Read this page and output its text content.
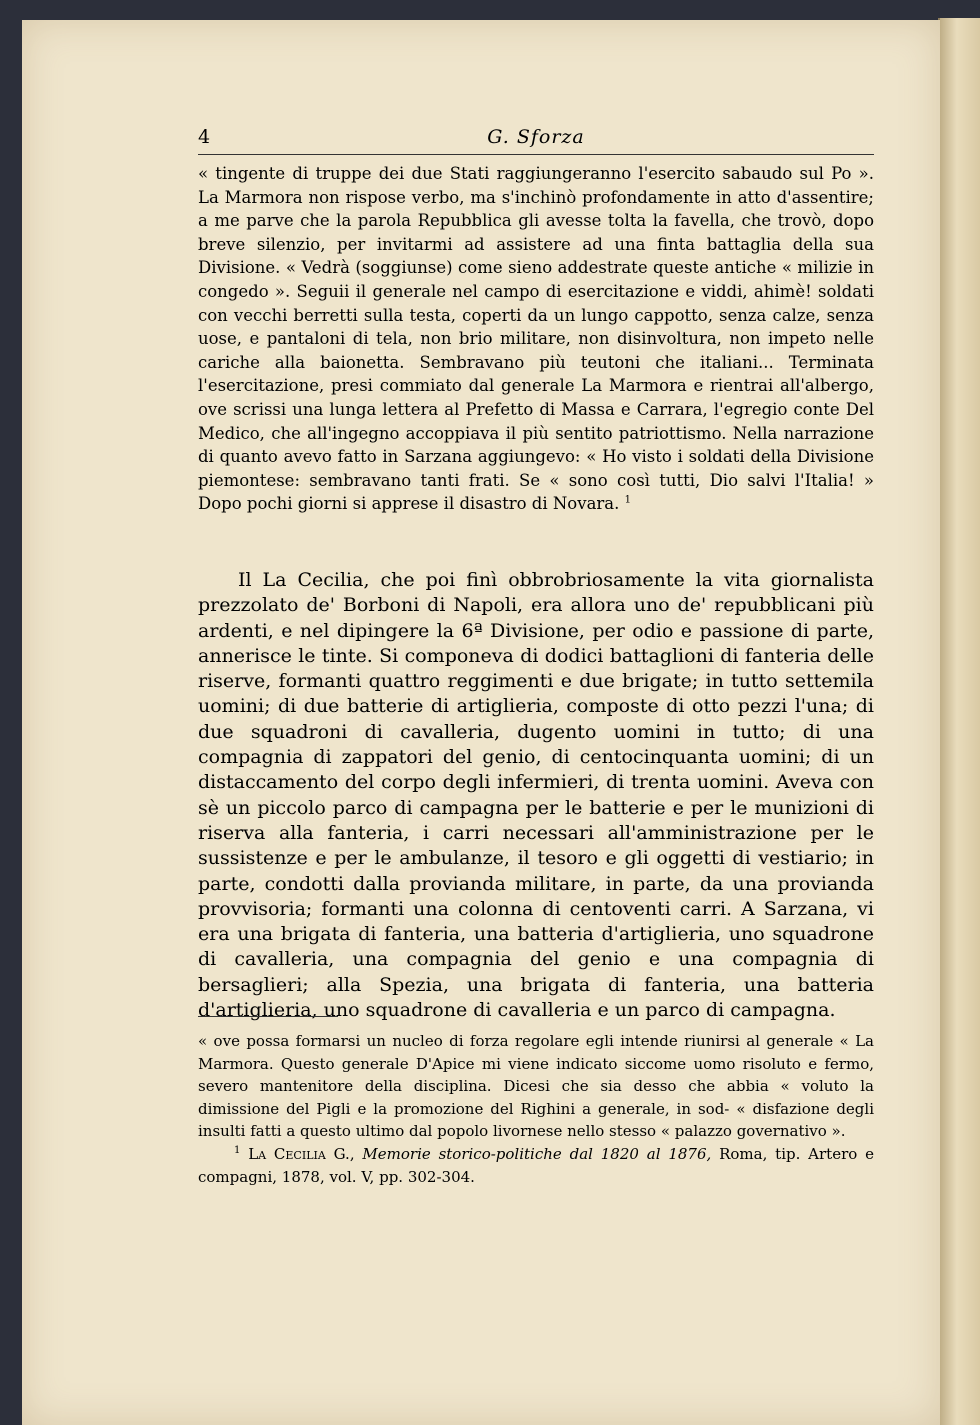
4	G. Sforza

« tingente di truppe dei due Stati raggiungeranno l'esercito sabaudo sul Po ». La Marmora non rispose verbo, ma s'inchinò profondamente in atto d'assentire; a me parve che la parola Repubblica gli avesse tolta la favella, che trovò, dopo breve silenzio, per invitarmi ad assistere ad una finta battaglia della sua Divisione. « Vedrà (soggiunse) come sieno addestrate queste antiche « milizie in congedo ». Seguii il generale nel campo di esercitazione e viddi, ahimè! soldati con vecchi berretti sulla testa, coperti da un lungo cappotto, senza calze, senza uose, e pantaloni di tela, non brio militare, non disinvoltura, non impeto nelle cariche alla baionetta. Sembravano più teutoni che italiani... Terminata l'esercitazione, presi commiato dal generale La Marmora e rientrai all'albergo, ove scrissi una lunga lettera al Prefetto di Massa e Carrara, l'egregio conte Del Medico, che all'ingegno accoppiava il più sentito patriottismo. Nella narrazione di quanto avevo fatto in Sarzana aggiungevo: « Ho visto i soldati della Divisione piemontese: sembravano tanti frati. Se « sono così tutti, Dio salvi l'Italia! » Dopo pochi giorni si apprese il disastro di Novara. $^1$

Il La Cecilia, che poi finì obbrobriosamente la vita giornalista prezzolato de' Borboni di Napoli, era allora uno de' repubblicani più ardenti, e nel dipingere la 6ª Divisione, per odio e passione di parte, annerisce le tinte. Si componeva di dodici battaglioni di fanteria delle riserve, formanti quattro reggimenti e due brigate; in tutto settemila uomini; di due batterie di artiglieria, composte di otto pezzi l'una; di due squadroni di cavalleria, dugento uomini in tutto; di una compagnia di zappatori del genio, di centocinquanta uomini; di un distaccamento del corpo degli infermieri, di trenta uomini. Aveva con sè un piccolo parco di campagna per le batterie e per le munizioni di riserva alla fanteria, i carri necessari all'amministrazione per le sussistenze e per le ambulanze, il tesoro e gli oggetti di vestiario; in parte, condotti dalla provianda militare, in parte, da una provianda provvisoria; formanti una colonna di centoventi carri. A Sarzana, vi era una brigata di fanteria, una batteria d'artiglieria, uno squadrone di cavalleria, una compagnia del genio e una compagnia di bersaglieri; alla Spezia, una brigata di fanteria, una batteria d'artiglieria, uno squadrone di cavalleria e un parco di campagna.

« ove possa formarsi un nucleo di forza regolare egli intende riunirsi al generale « La Marmora. Questo generale D'Apice mi viene indicato siccome uomo risoluto e fermo, severo mantenitore della disciplina. Dicesi che sia desso che abbia « voluto la dimissione del Pigli e la promozione del Righini a generale, in sod- « disfazione degli insulti fatti a questo ultimo dal popolo livornese nello stesso « palazzo governativo ».

$^1$ La Cecilia G., Memorie storico-politiche dal 1820 al 1876, Roma, tip. Artero e compagni, 1878, vol. V, pp. 302-304.
